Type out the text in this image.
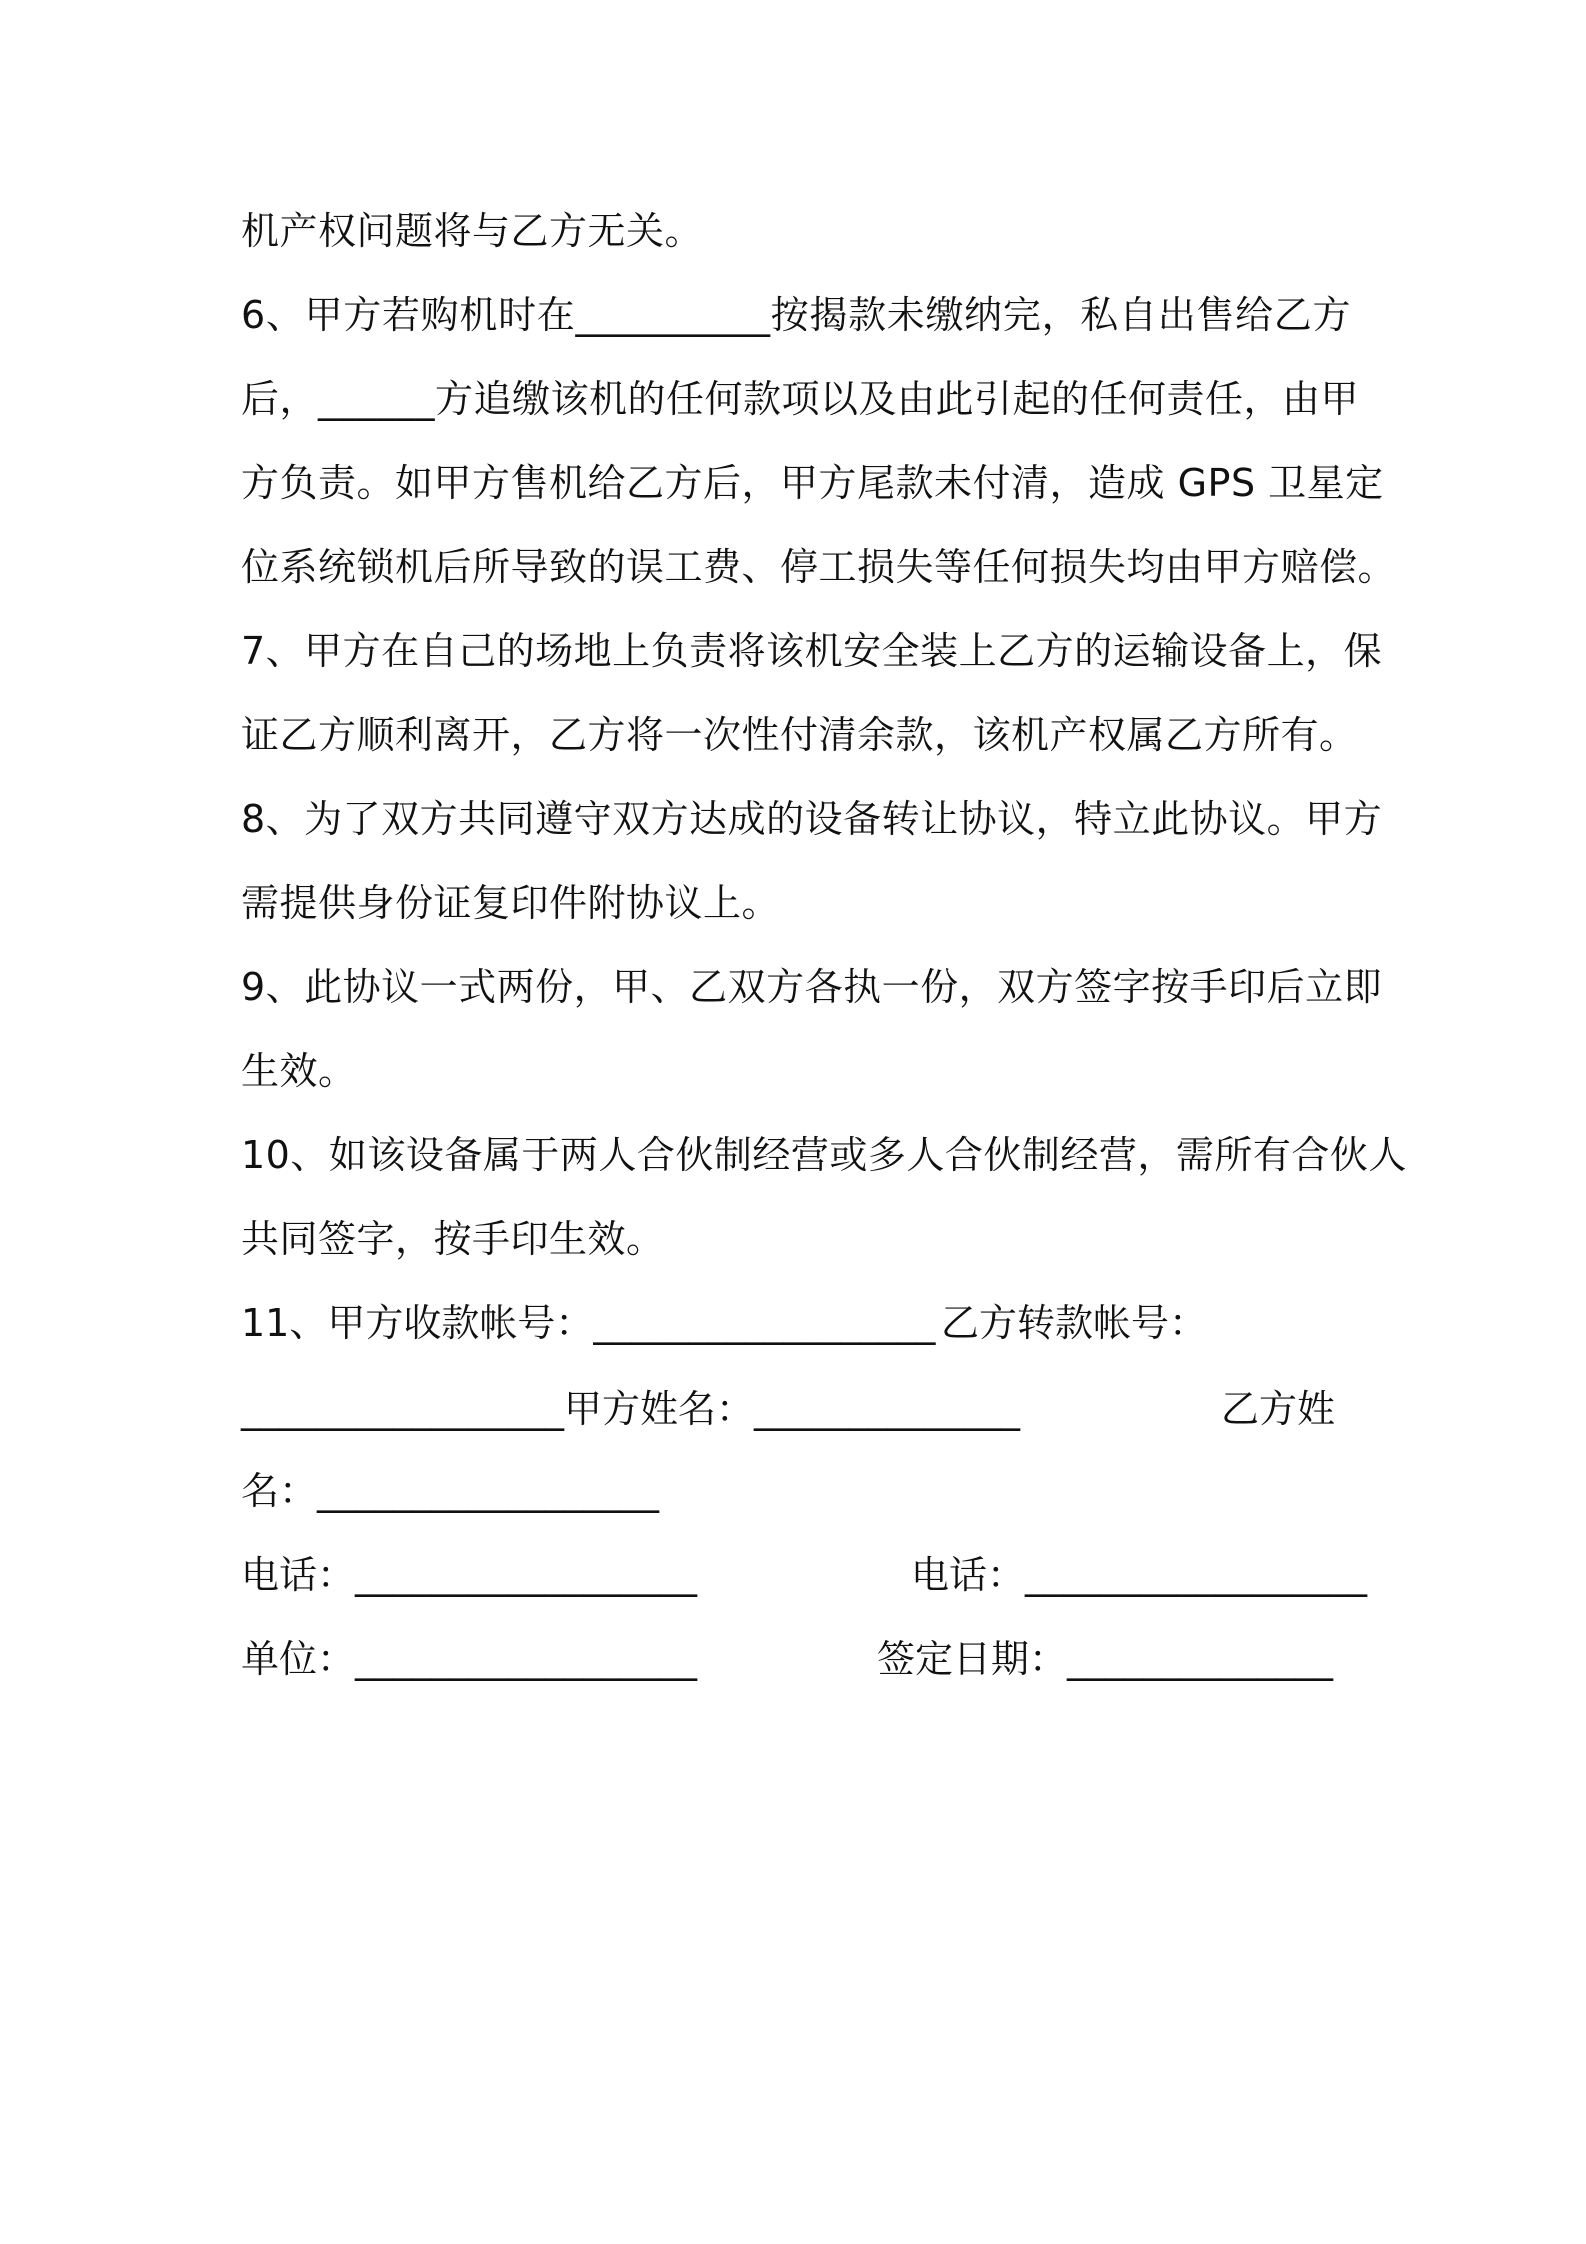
机产权问题将与乙方无关。
6、甲方若购机时在__________按揭款未缴纳完，私自出售给乙方
后，______方追缴该机的任何款项以及由此引起的任何责任，由甲
方负责。如甲方售机给乙方后，甲方尾款未付清，造成 GPS 卫星定
位系统锁机后所导致的误工费、停工损失等任何损失均由甲方赔偿。
7、甲方在自己的场地上负责将该机安全装上乙方的运输设备上，保
证乙方顺利离开，乙方将一次性付清余款，该机产权属乙方所有。
8、为了双方共同遵守双方达成的设备转让协议，特立此协议。甲方
需提供身份证复印件附协议上。
9、此协议一式两份，甲、乙双方各执一份，双方签字按手印后立即
生效。
10、如该设备属于两人合伙制经营或多人合伙制经营，需所有合伙人
共同签字，按手印生效。
11、甲方收款帐号：__________________ 乙方转款帐号：
_________________甲方姓名：______________	乙方姓
名：__________________
电话：__________________	电话：__________________
单位：__________________	签定日期：______________
